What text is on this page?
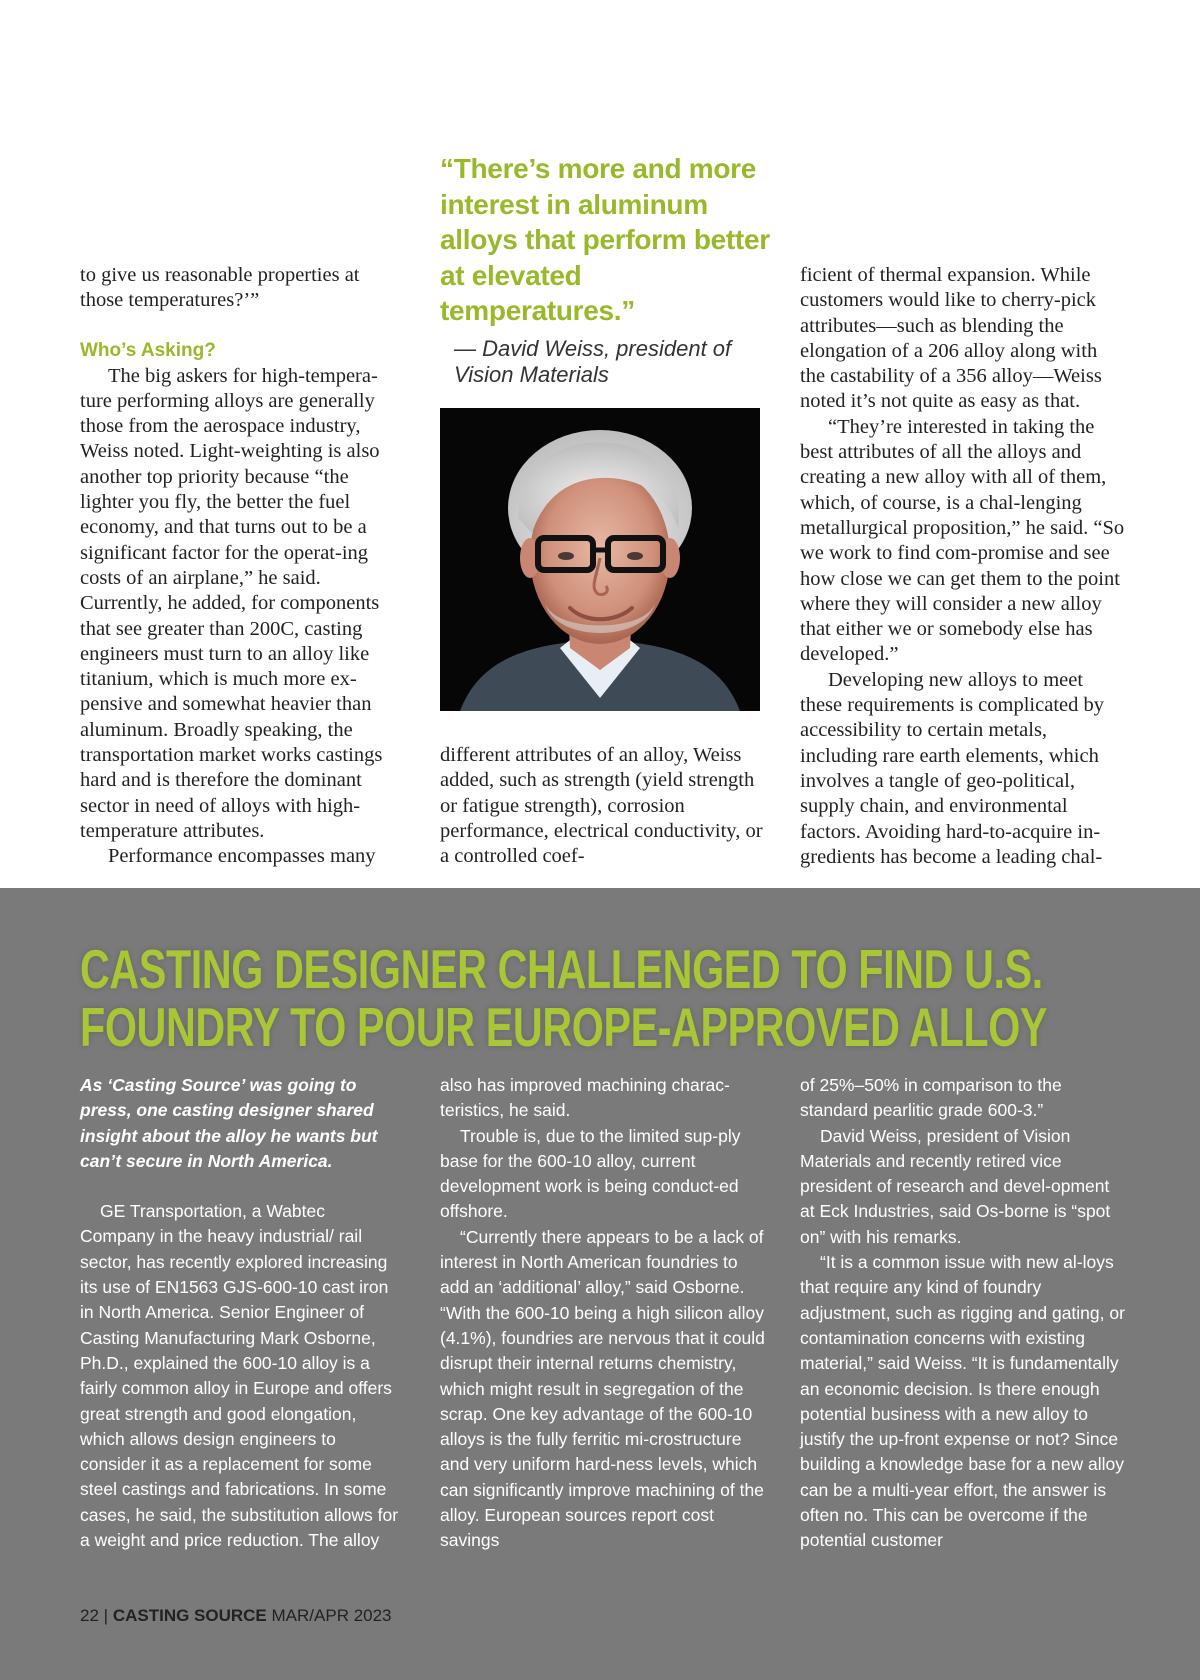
to give us reasonable properties at those temperatures?’”

Who’s Asking?

The big askers for high-tempera-ture performing alloys are generally those from the aerospace industry, Weiss noted. Light-weighting is also another top priority because “the lighter you fly, the better the fuel economy, and that turns out to be a significant factor for the operat-ing costs of an airplane,” he said. Currently, he added, for components that see greater than 200C, casting engineers must turn to an alloy like titanium, which is much more ex-pensive and somewhat heavier than aluminum. Broadly speaking, the transportation market works castings hard and is therefore the dominant sector in need of alloys with high-temperature attributes.

Performance encompasses many

“There’s more and more interest in aluminum alloys that perform better at elevated temperatures.”
— David Weiss, president of Vision Materials

different attributes of an alloy, Weiss added, such as strength (yield strength or fatigue strength), corrosion performance, electrical conductivity, or a controlled coef-

ficient of thermal expansion. While customers would like to cherry-pick attributes—such as blending the elongation of a 206 alloy along with the castability of a 356 alloy—Weiss noted it’s not quite as easy as that.

“They’re interested in taking the best attributes of all the alloys and creating a new alloy with all of them, which, of course, is a chal-lenging metallurgical proposition,” he said. “So we work to find com-promise and see how close we can get them to the point where they will consider a new alloy that either we or somebody else has developed.”

Developing new alloys to meet these requirements is complicated by accessibility to certain metals, including rare earth elements, which involves a tangle of geo-political, supply chain, and environmental factors. Avoiding hard-to-acquire in-gredients has become a leading chal-

CASTING DESIGNER CHALLENGED TO FIND U.S.
FOUNDRY TO POUR EUROPE-APPROVED ALLOY

As ‘Casting Source’ was going to press, one casting designer shared insight about the alloy he wants but can’t secure in North America.

GE Transportation, a Wabtec Company in the heavy industrial/ rail sector, has recently explored increasing its use of EN1563 GJS-600-10 cast iron in North America. Senior Engineer of Casting Manufacturing Mark Osborne, Ph.D., explained the 600-10 alloy is a fairly common alloy in Europe and offers great strength and good elongation, which allows design engineers to consider it as a replacement for some steel castings and fabrications. In some cases, he said, the substitution allows for a weight and price reduction. The alloy

also has improved machining charac-teristics, he said.

Trouble is, due to the limited sup-ply base for the 600-10 alloy, current development work is being conduct-ed offshore.

“Currently there appears to be a lack of interest in North American foundries to add an ‘additional’ alloy,” said Osborne. “With the 600-10 being a high silicon alloy (4.1%), foundries are nervous that it could disrupt their internal returns chemistry, which might result in segregation of the scrap. One key advantage of the 600-10 alloys is the fully ferritic mi-crostructure and very uniform hard-ness levels, which can significantly improve machining of the alloy. European sources report cost savings

of 25%–50% in comparison to the standard pearlitic grade 600-3.”

David Weiss, president of Vision Materials and recently retired vice president of research and devel-opment at Eck Industries, said Os-borne is “spot on” with his remarks.

“It is a common issue with new al-loys that require any kind of foundry adjustment, such as rigging and gating, or contamination concerns with existing material,” said Weiss. “It is fundamentally an economic decision. Is there enough potential business with a new alloy to justify the up-front expense or not? Since building a knowledge base for a new alloy can be a multi-year effort, the answer is often no. This can be overcome if the potential customer

22 | CASTING SOURCE MAR/APR 2023
